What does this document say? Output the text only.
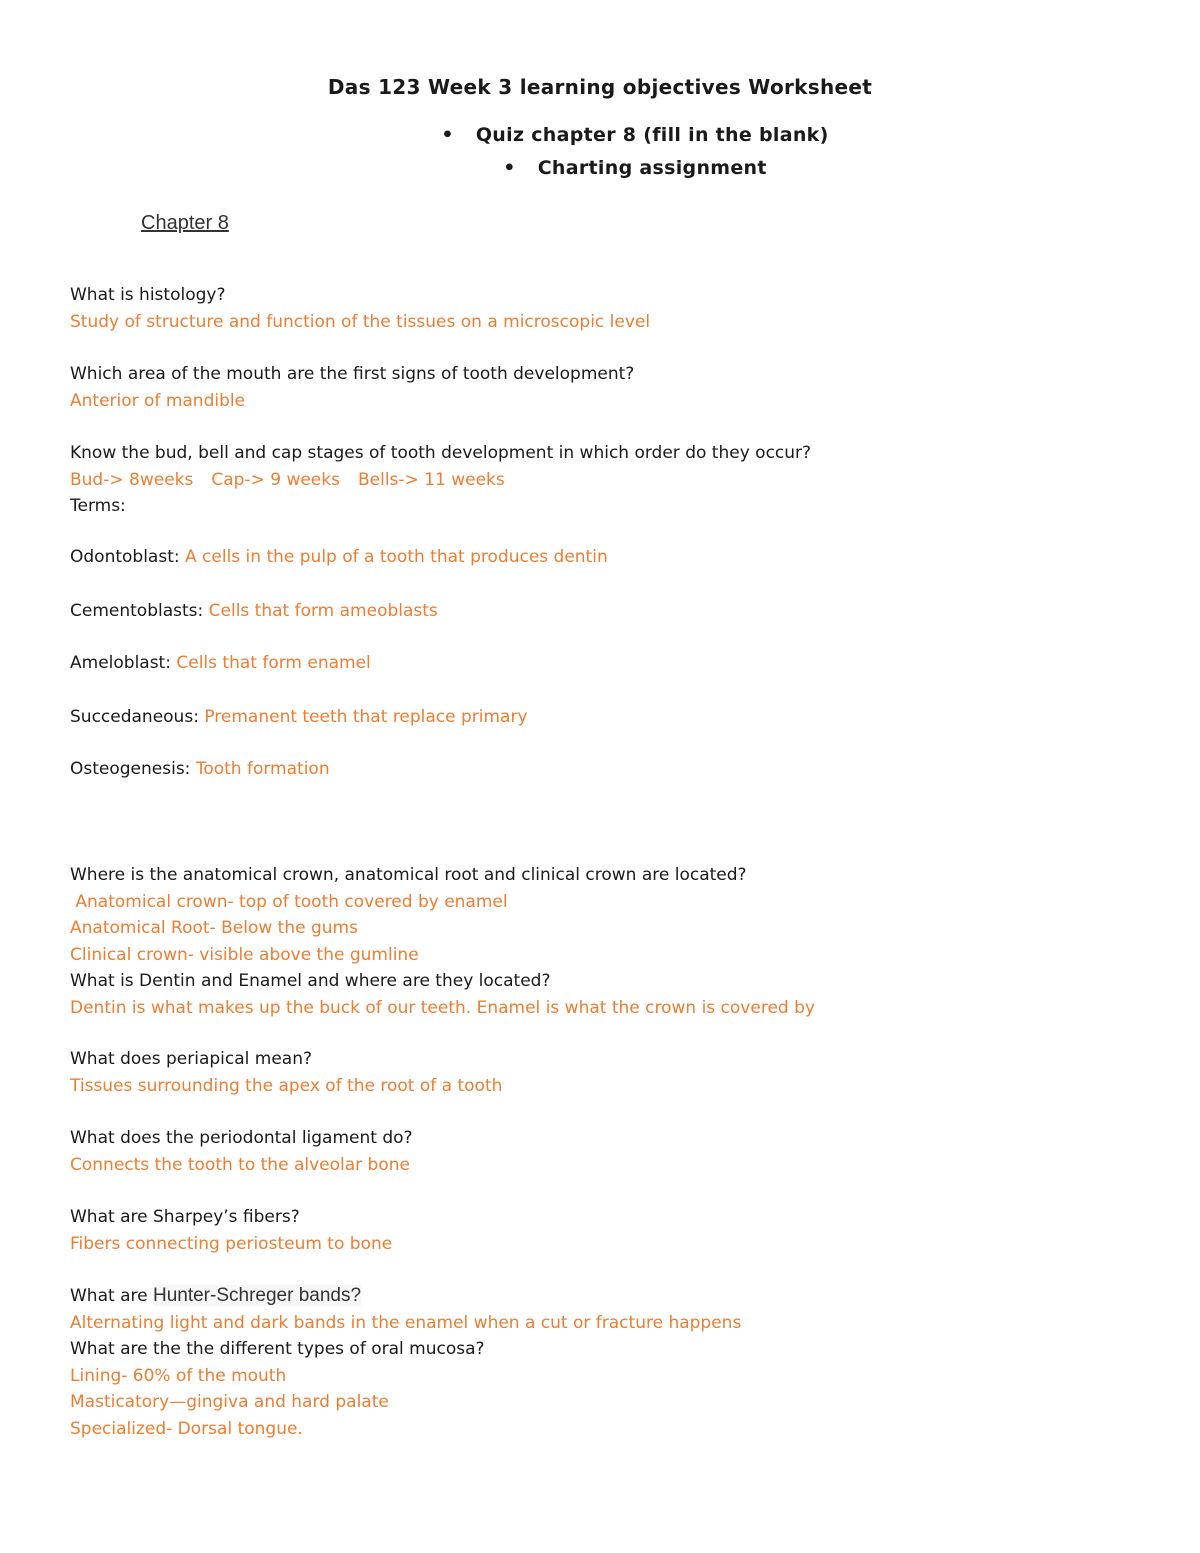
Das 123 Week 3 learning objectives Worksheet
• Quiz chapter 8 (fill in the blank)
• Charting assignment
Chapter 8
What is histology?
Study of structure and function of the tissues on a microscopic level
Which area of the mouth are the first signs of tooth development?
Anterior of mandible
Know the bud, bell and cap stages of tooth development in which order do they occur?
Bud-> 8weeks Cap-> 9 weeks Bells-> 11 weeks
Terms:
Odontoblast: A cells in the pulp of a tooth that produces dentin
Cementoblasts: Cells that form ameoblasts
Ameloblast: Cells that form enamel
Succedaneous: Premanent teeth that replace primary
Osteogenesis: Tooth formation
Where is the anatomical crown, anatomical root and clinical crown are located?
Anatomical crown- top of tooth covered by enamel
Anatomical Root- Below the gums
Clinical crown- visible above the gumline
What is Dentin and Enamel and where are they located?
Dentin is what makes up the buck of our teeth. Enamel is what the crown is covered by
What does periapical mean?
Tissues surrounding the apex of the root of a tooth
What does the periodontal ligament do?
Connects the tooth to the alveolar bone
What are Sharpey’s fibers?
Fibers connecting periosteum to bone
What are Hunter-Schreger bands?
Alternating light and dark bands in the enamel when a cut or fracture happens
What are the the different types of oral mucosa?
Lining- 60% of the mouth
Masticatory—gingiva and hard palate
Specialized- Dorsal tongue.
